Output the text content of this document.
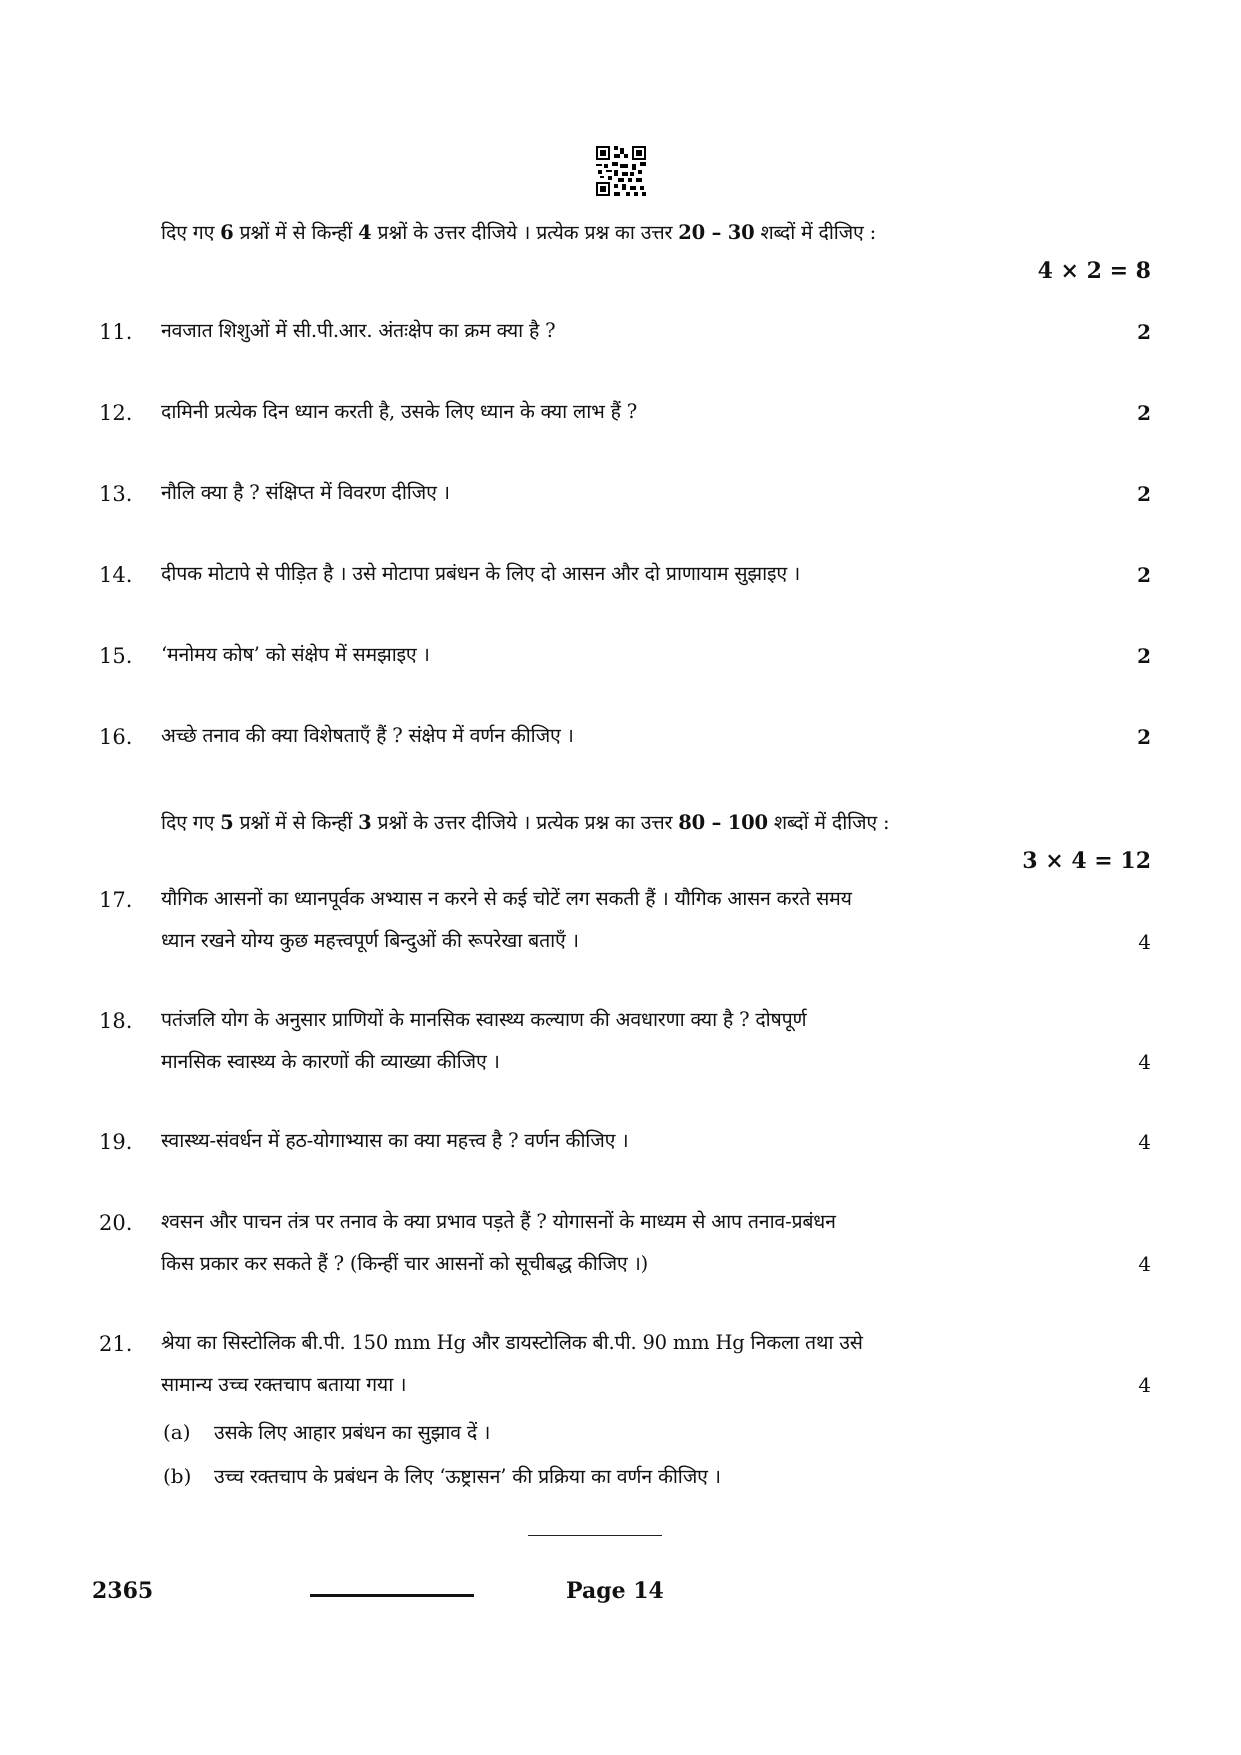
दिए गए 6 प्रश्नों में से किन्हीं 4 प्रश्नों के उत्तर दीजिये । प्रत्येक प्रश्न का उत्तर 20 – 30 शब्दों में दीजिए :
4 × 2 = 8
11. नवजात शिशुओं में सी.पी.आर. अंतःक्षेप का क्रम क्या है ?	2
12. दामिनी प्रत्येक दिन ध्यान करती है, उसके लिए ध्यान के क्या लाभ हैं ?	2
13. नौलि क्या है ? संक्षिप्त में विवरण दीजिए ।	2
14. दीपक मोटापे से पीड़ित है । उसे मोटापा प्रबंधन के लिए दो आसन और दो प्राणायाम सुझाइए ।	2
15. ‘मनोमय कोष’ को संक्षेप में समझाइए ।	2
16. अच्छे तनाव की क्या विशेषताएँ हैं ? संक्षेप में वर्णन कीजिए ।	2
दिए गए 5 प्रश्नों में से किन्हीं 3 प्रश्नों के उत्तर दीजिये । प्रत्येक प्रश्न का उत्तर 80 – 100 शब्दों में दीजिए :
3 × 4 = 12
17. यौगिक आसनों का ध्यानपूर्वक अभ्यास न करने से कई चोटें लग सकती हैं । यौगिक आसन करते समय
ध्यान रखने योग्य कुछ महत्त्वपूर्ण बिन्दुओं की रूपरेखा बताएँ ।	4
18. पतंजलि योग के अनुसार प्राणियों के मानसिक स्वास्थ्य कल्याण की अवधारणा क्या है ? दोषपूर्ण
मानसिक स्वास्थ्य के कारणों की व्याख्या कीजिए ।	4
19. स्वास्थ्य-संवर्धन में हठ-योगाभ्यास का क्या महत्त्व है ? वर्णन कीजिए ।	4
20. श्वसन और पाचन तंत्र पर तनाव के क्या प्रभाव पड़ते हैं ? योगासनों के माध्यम से आप तनाव-प्रबंधन
किस प्रकार कर सकते हैं ? (किन्हीं चार आसनों को सूचीबद्ध कीजिए ।)	4
21. श्रेया का सिस्टोलिक बी.पी. 150 mm Hg और डायस्टोलिक बी.पी. 90 mm Hg निकला तथा उसे
सामान्य उच्च रक्तचाप बताया गया ।	4
(a) उसके लिए आहार प्रबंधन का सुझाव दें ।
(b) उच्च रक्तचाप के प्रबंधन के लिए ‘ऊष्ट्रासन’ की प्रक्रिया का वर्णन कीजिए ।
2365	Page 14
